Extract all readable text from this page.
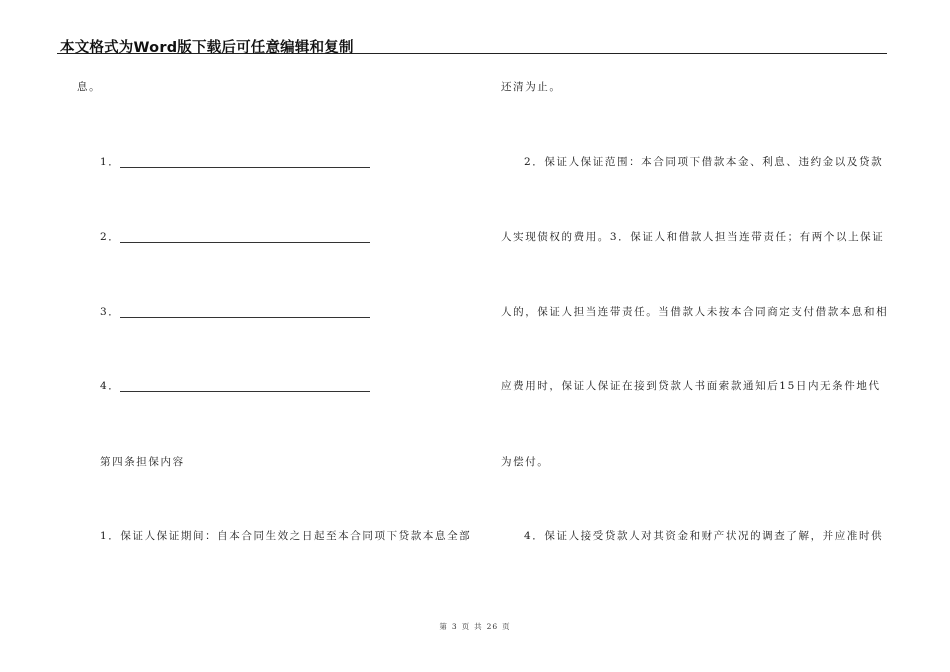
本文格式为Word版下载后可任意编辑和复制
息。
1．
2．
3．
4．
第四条担保内容
1．保证人保证期间：自本合同生效之日起至本合同项下贷款本息全部
还清为止。
2．保证人保证范围：本合同项下借款本金、利息、违约金以及贷款
人实现债权的费用。3．保证人和借款人担当连带责任；有两个以上保证
人的，保证人担当连带责任。当借款人未按本合同商定支付借款本息和相
应费用时，保证人保证在接到贷款人书面索款通知后15日内无条件地代
为偿付。
4．保证人接受贷款人对其资金和财产状况的调查了解，并应准时供
第 3 页 共 26 页
